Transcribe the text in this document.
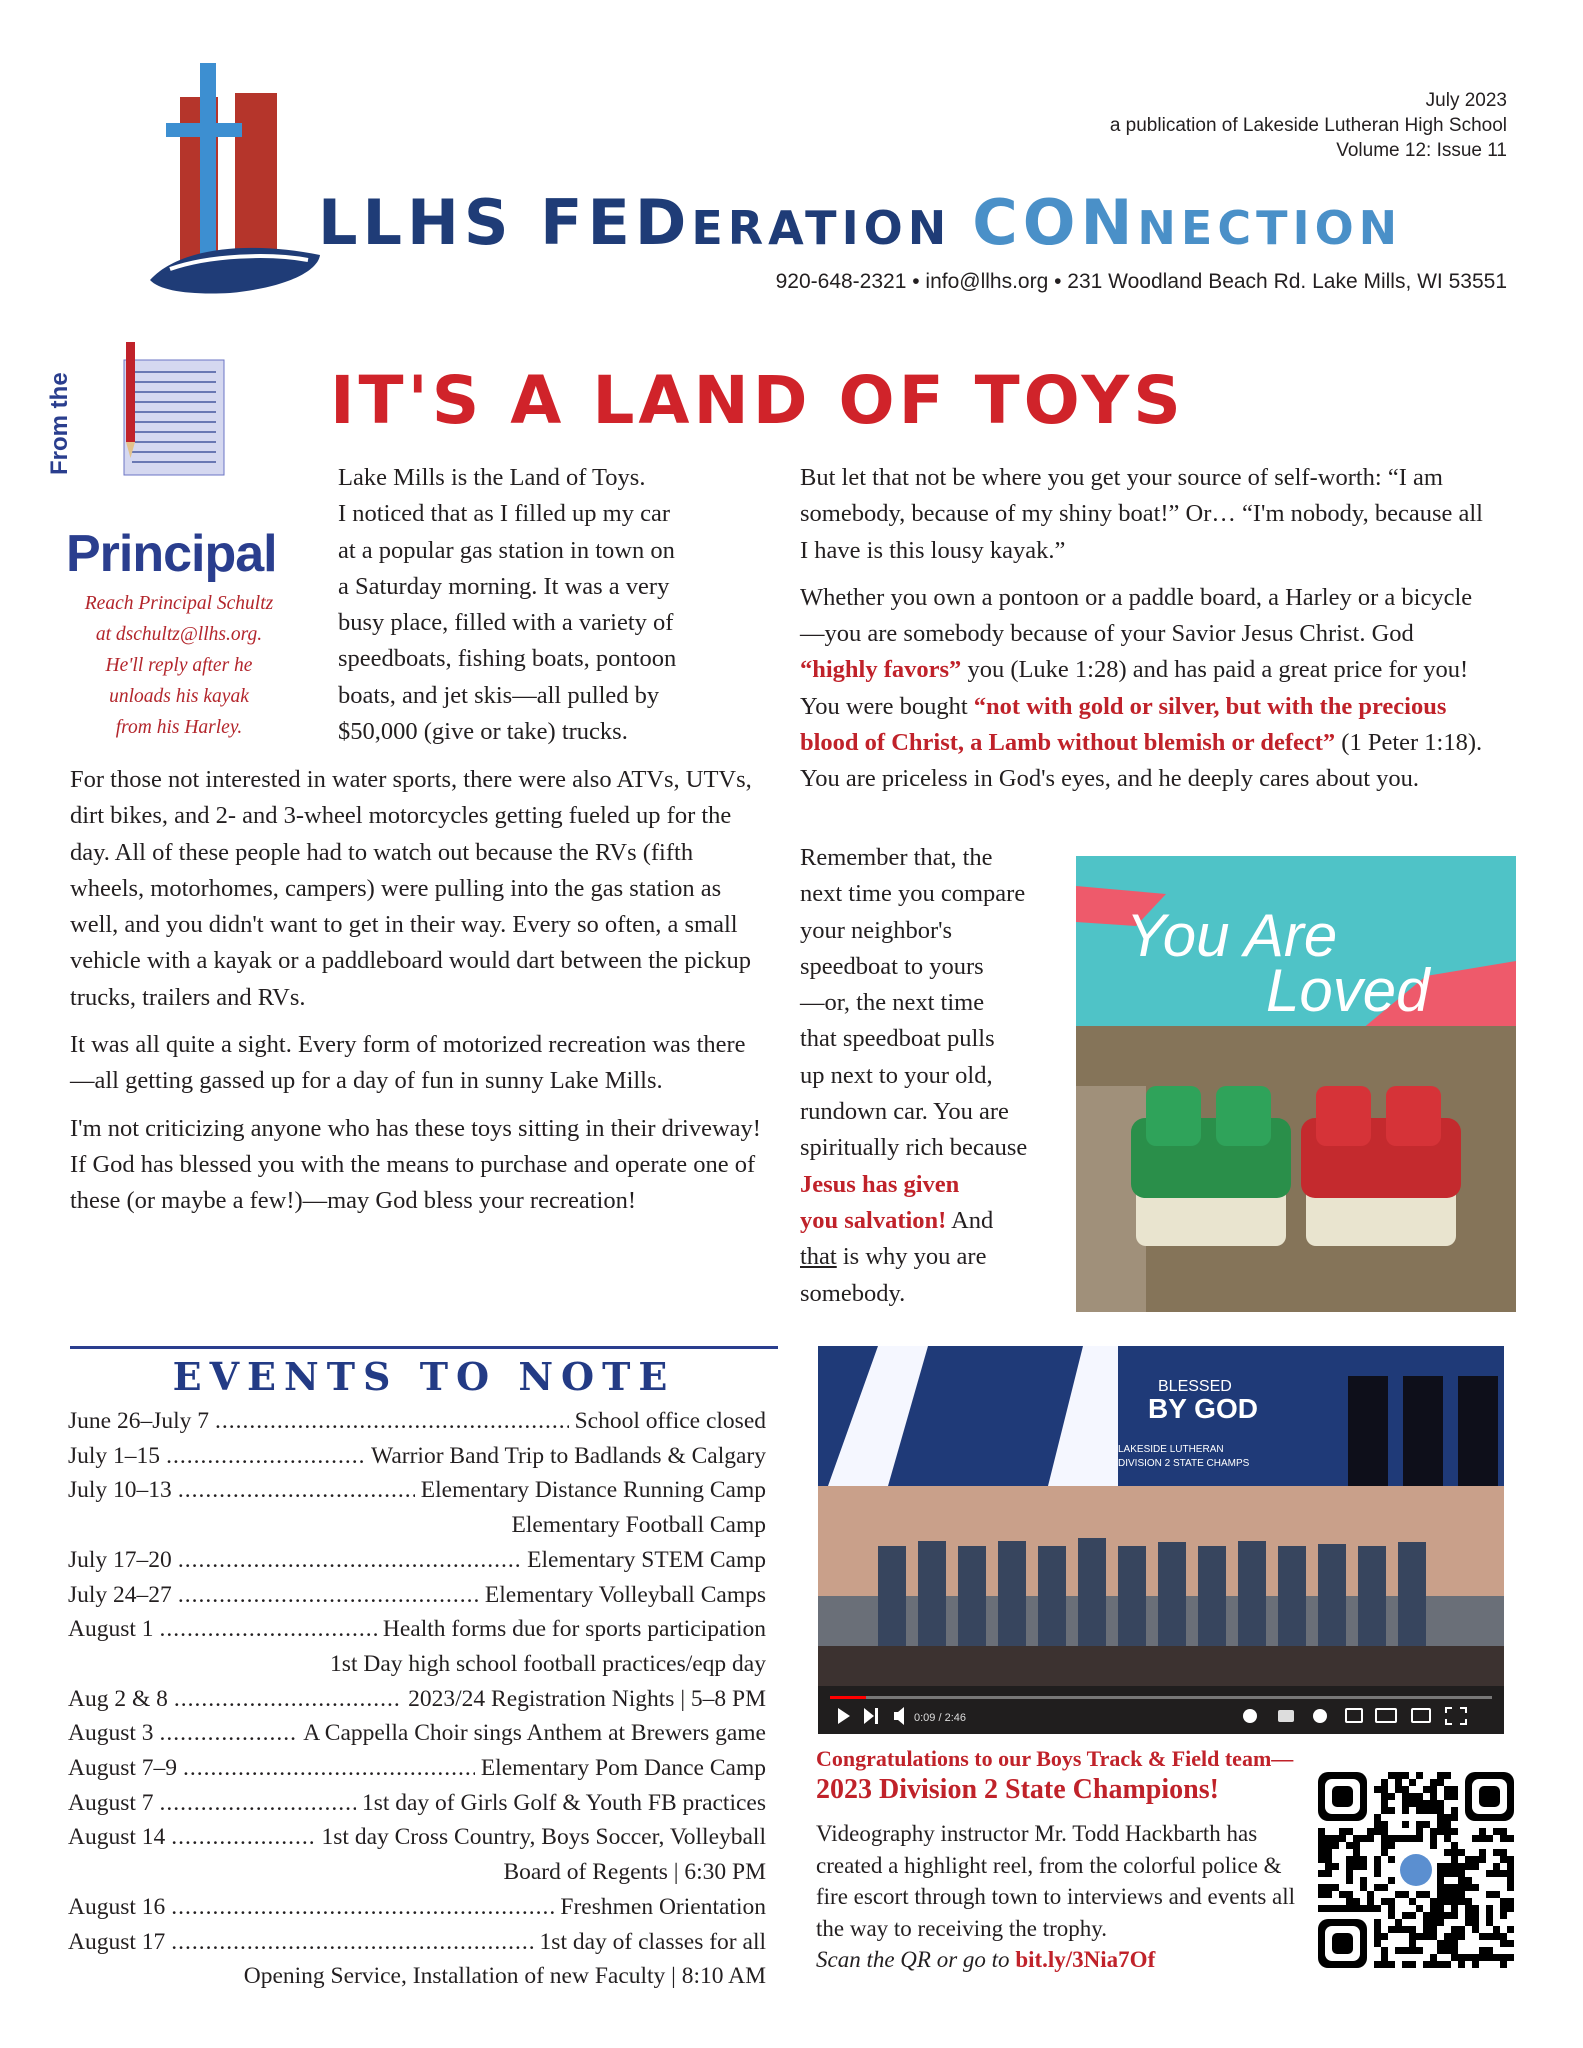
July 2023
a publication of Lakeside Lutheran High School
Volume 12: Issue 11
LLHS FEDERATION CONNECTION
920-648-2321 • info@llhs.org • 231 Woodland Beach Rd. Lake Mills, WI 53551
From the
Principal
Reach Principal Schultz
at dschultz@llhs.org.
He'll reply after he
unloads his kayak
from his Harley.
IT'S A LAND OF TOYS
Lake Mills is the Land of Toys.
I noticed that as I filled up my car
at a popular gas station in town on
a Saturday morning. It was a very
busy place, filled with a variety of
speedboats, fishing boats, pontoon
boats, and jet skis—all pulled by
$50,000 (give or take) trucks.

For those not interested in water sports, there were also ATVs, UTVs, dirt bikes, and 2- and 3-wheel motorcycles getting fueled up for the day. All of these people had to watch out because the RVs (fifth wheels, motorhomes, campers) were pulling into the gas station as well, and you didn't want to get in their way. Every so often, a small vehicle with a kayak or a paddleboard would dart between the pickup trucks, trailers and RVs.

It was all quite a sight. Every form of motorized recreation was there—all getting gassed up for a day of fun in sunny Lake Mills.

I'm not criticizing anyone who has these toys sitting in their driveway! If God has blessed you with the means to purchase and operate one of these (or maybe a few!)—may God bless your recreation!

But let that not be where you get your source of self-worth: “I am somebody, because of my shiny boat!” Or… “I'm nobody, because all I have is this lousy kayak.”

Whether you own a pontoon or a paddle board, a Harley or a bicycle—you are somebody because of your Savior Jesus Christ. God “highly favors” you (Luke 1:28) and has paid a great price for you! You were bought “not with gold or silver, but with the precious blood of Christ, a Lamb without blemish or defect” (1 Peter 1:18). You are priceless in God's eyes, and he deeply cares about you.

Remember that, the
next time you compare
your neighbor's
speedboat to yours
—or, the next time
that speedboat pulls
up next to your old,
rundown car. You are
spiritually rich because
Jesus has given
you salvation! And
that is why you are
somebody.
You Are
Loved
EVENTS TO NOTE
June 26–July 7 .....	School office closed
July 1–15 .....	Warrior Band Trip to Badlands & Calgary
July 10–13 .....	Elementary Distance Running Camp
Elementary Football Camp
July 17–20 .....	Elementary STEM Camp
July 24–27 .....	Elementary Volleyball Camps
August 1 .....	Health forms due for sports participation
1st Day high school football practices/eqp day
Aug 2 & 8 .....	2023/24 Registration Nights | 5–8 PM
August 3 .....	A Cappella Choir sings Anthem at Brewers game
August 7–9 .....	Elementary Pom Dance Camp
August 7 .....	1st day of Girls Golf & Youth FB practices
August 14 .....	1st day Cross Country, Boys Soccer, Volleyball
Board of Regents | 6:30 PM
August 16 .....	Freshmen Orientation
August 17 .....	1st day of classes for all
Opening Service, Installation of new Faculty | 8:10 AM
BLESSED
BY GOD
LAKESIDE LUTHERAN
DIVISION 2 STATE CHAMPS
0:09 / 2:46
Congratulations to our Boys Track & Field team—
2023 Division 2 State Champions!
Videography instructor Mr. Todd Hackbarth has created a highlight reel, from the colorful police & fire escort through town to interviews and events all the way to receiving the trophy.
Scan the QR or go to bit.ly/3Nia7Of
